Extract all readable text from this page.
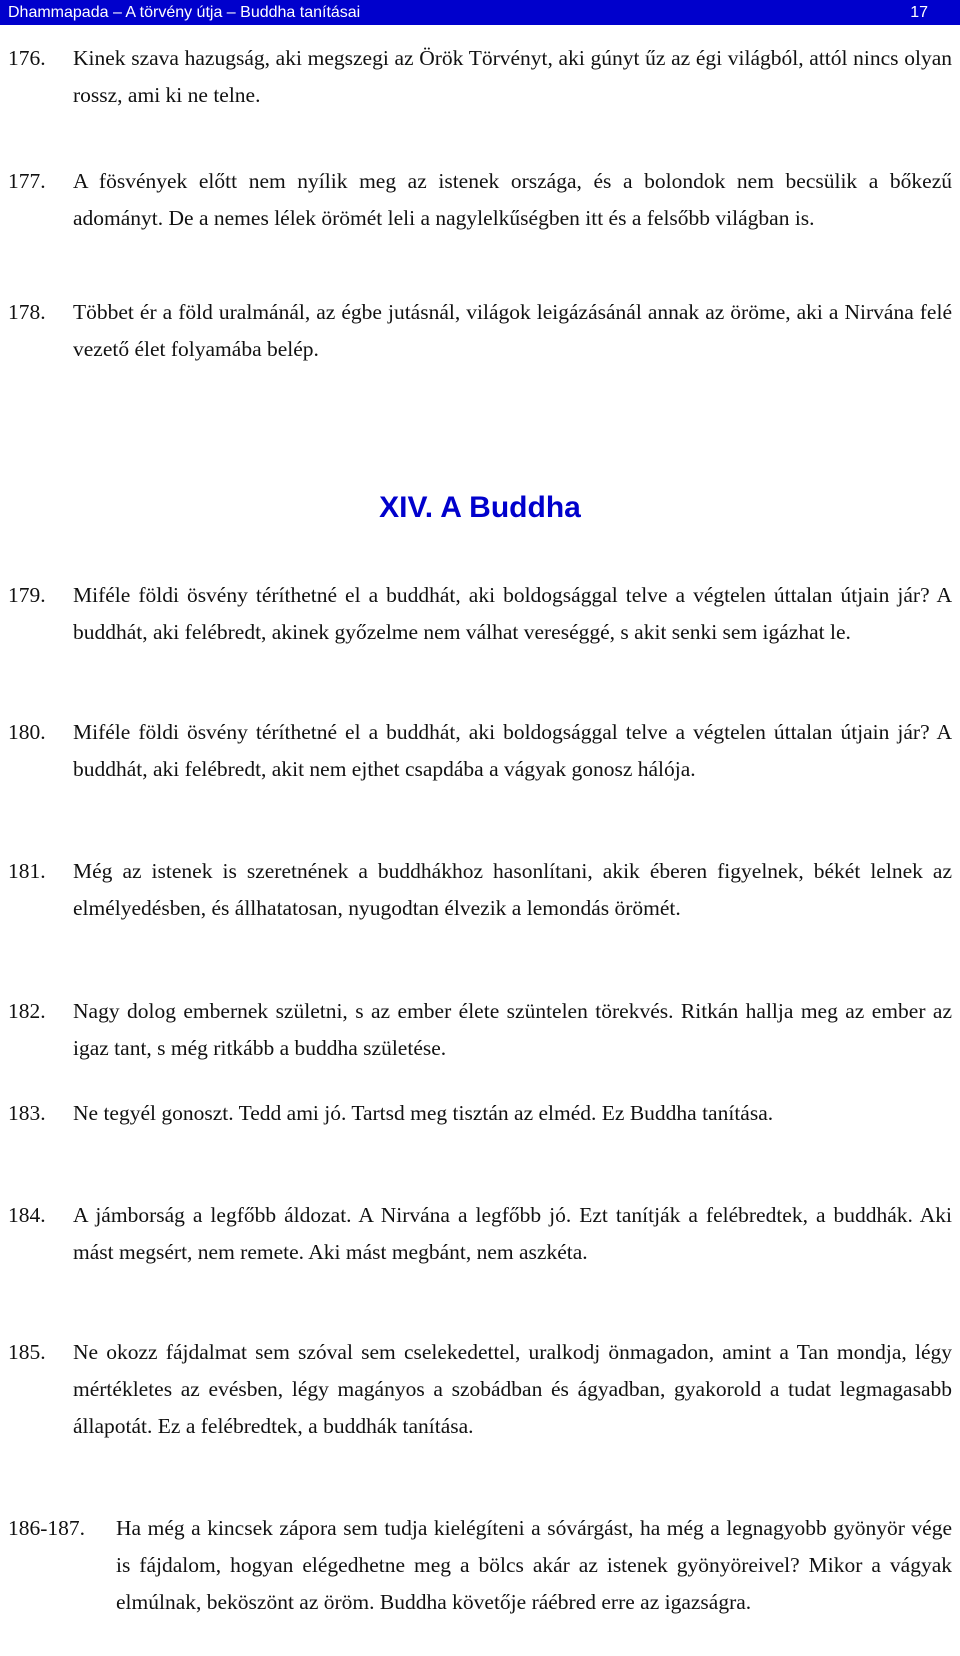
Dhammapada – A törvény útja – Buddha tanításai	17
176. Kinek szava hazugság, aki megszegi az Örök Törvényt, aki gúnyt űz az égi világból, attól nincs olyan rossz, ami ki ne telne.
177. A fösvények előtt nem nyílik meg az istenek országa, és a bolondok nem becsülik a bőkezű adományt. De a nemes lélek örömét leli a nagylelkűségben itt és a felsőbb világban is.
178. Többet ér a föld uralmánál, az égbe jutásnál, világok leigázásánál annak az öröme, aki a Nirvána felé vezető élet folyamába belép.
XIV. A Buddha
179. Miféle földi ösvény téríthetné el a buddhát, aki boldogsággal telve a végtelen úttalan útjain jár? A buddhát, aki felébredt, akinek győzelme nem válhat vereséggé, s akit senki sem igázhat le.
180. Miféle földi ösvény téríthetné el a buddhát, aki boldogsággal telve a végtelen úttalan útjain jár? A buddhát, aki felébredt, akit nem ejthet csapdába a vágyak gonosz hálója.
181. Még az istenek is szeretnének a buddhákhoz hasonlítani, akik éberen figyelnek, békét lelnek az elmélyedésben, és állhatatosan, nyugodtan élvezik a lemondás örömét.
182. Nagy dolog embernek születni, s az ember élete szüntelen törekvés. Ritkán hallja meg az ember az igaz tant, s még ritkább a buddha születése.
183. Ne tegyél gonoszt. Tedd ami jó. Tartsd meg tisztán az elméd. Ez Buddha tanítása.
184. A jámborság a legfőbb áldozat. A Nirvána a legfőbb jó. Ezt tanítják a felébredtek, a buddhák. Aki mást megsért, nem remete. Aki mást megbánt, nem aszkéta.
185. Ne okozz fájdalmat sem szóval sem cselekedettel, uralkodj önmagadon, amint a Tan mondja, légy mértékletes az evésben, légy magányos a szobádban és ágyadban, gyakorold a tudat legmagasabb állapotát. Ez a felébredtek, a buddhák tanítása.
186-187. Ha még a kincsek zápora sem tudja kielégíteni a sóvárgást, ha még a legnagyobb gyönyör vége is fájdalom, hogyan elégedhetne meg a bölcs akár az istenek gyönyöreivel? Mikor a vágyak elmúlnak, beköszönt az öröm. Buddha követője ráébred erre az igazságra.
